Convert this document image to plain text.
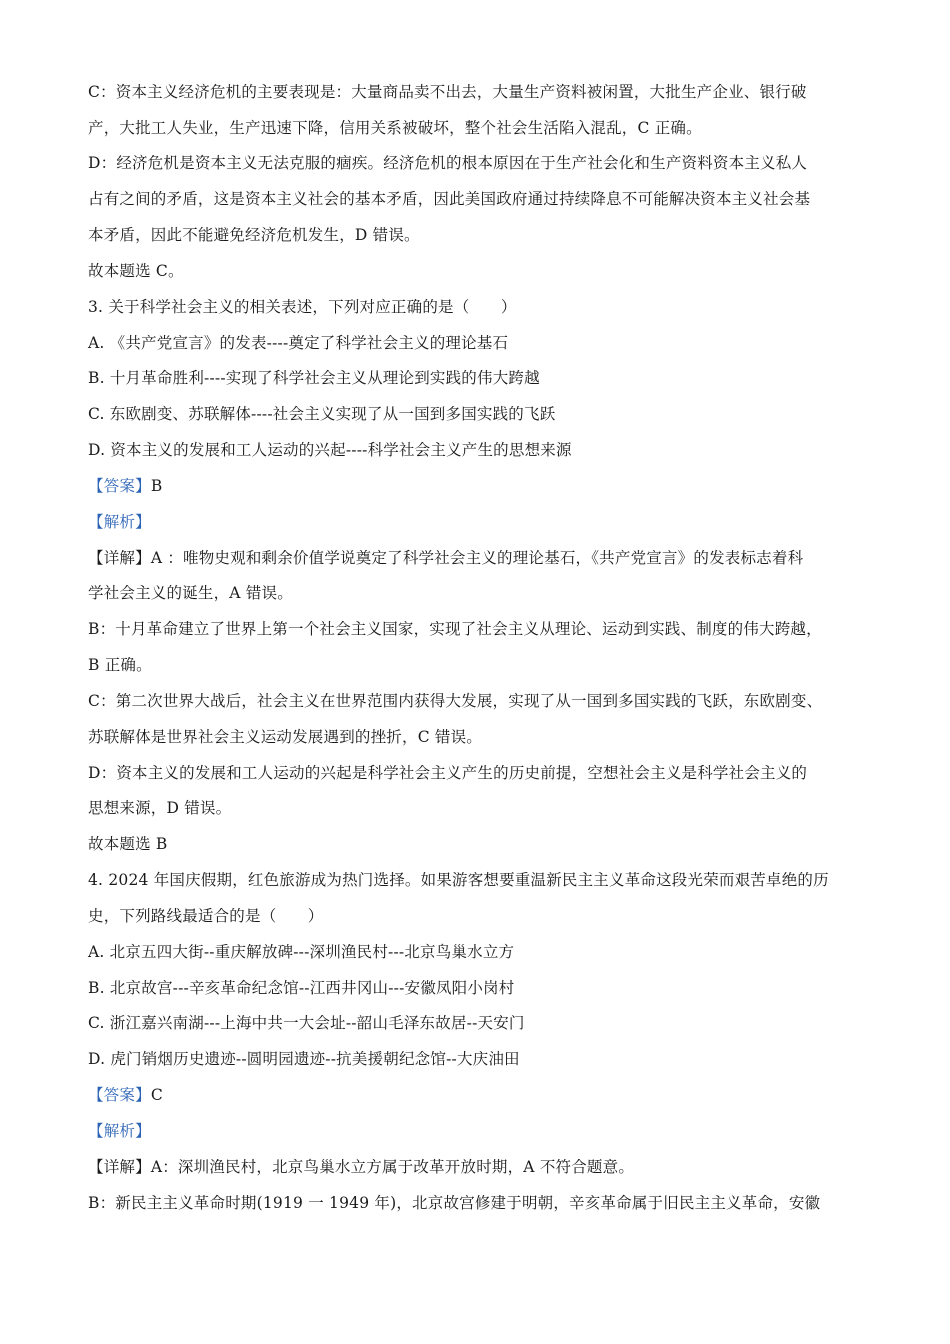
C：资本主义经济危机的主要表现是：大量商品卖不出去，大量生产资料被闲置，大批生产企业、银行破
产，大批工人失业，生产迅速下降，信用关系被破坏，整个社会生活陷入混乱，C 正确。
D：经济危机是资本主义无法克服的痼疾。经济危机的根本原因在于生产社会化和生产资料资本主义私人
占有之间的矛盾，这是资本主义社会的基本矛盾，因此美国政府通过持续降息不可能解决资本主义社会基
本矛盾，因此不能避免经济危机发生，D 错误。
故本题选 C。
3. 关于科学社会主义的相关表述，下列对应正确的是（　　）
A. 《共产党宣言》的发表----奠定了科学社会主义的理论基石
B. 十月革命胜利----实现了科学社会主义从理论到实践的伟大跨越
C. 东欧剧变、苏联解体----社会主义实现了从一国到多国实践的飞跃
D. 资本主义的发展和工人运动的兴起----科学社会主义产生的思想来源
【答案】B
【解析】
【详解】A ：唯物史观和剩余价值学说奠定了科学社会主义的理论基石，《共产党宣言》的发表标志着科
学社会主义的诞生，A 错误。
B：十月革命建立了世界上第一个社会主义国家，实现了社会主义从理论、运动到实践、制度的伟大跨越，
B 正确。
C：第二次世界大战后，社会主义在世界范围内获得大发展，实现了从一国到多国实践的飞跃，东欧剧变、
苏联解体是世界社会主义运动发展遇到的挫折，C 错误。
D：资本主义的发展和工人运动的兴起是科学社会主义产生的历史前提，空想社会主义是科学社会主义的
思想来源，D 错误。
故本题选 B
4. 2024 年国庆假期，红色旅游成为热门选择。如果游客想要重温新民主主义革命这段光荣而艰苦卓绝的历
史，下列路线最适合的是（　　）
A. 北京五四大街--重庆解放碑---深圳渔民村---北京鸟巢水立方
B. 北京故宫---辛亥革命纪念馆--江西井冈山---安徽凤阳小岗村
C. 浙江嘉兴南湖---上海中共一大会址--韶山毛泽东故居--天安门
D. 虎门销烟历史遗迹--圆明园遗迹--抗美援朝纪念馆--大庆油田
【答案】C
【解析】
【详解】A：深圳渔民村，北京鸟巢水立方属于改革开放时期，A 不符合题意。
B：新民主主义革命时期(1919 一 1949 年)，北京故宫修建于明朝，辛亥革命属于旧民主主义革命，安徽
